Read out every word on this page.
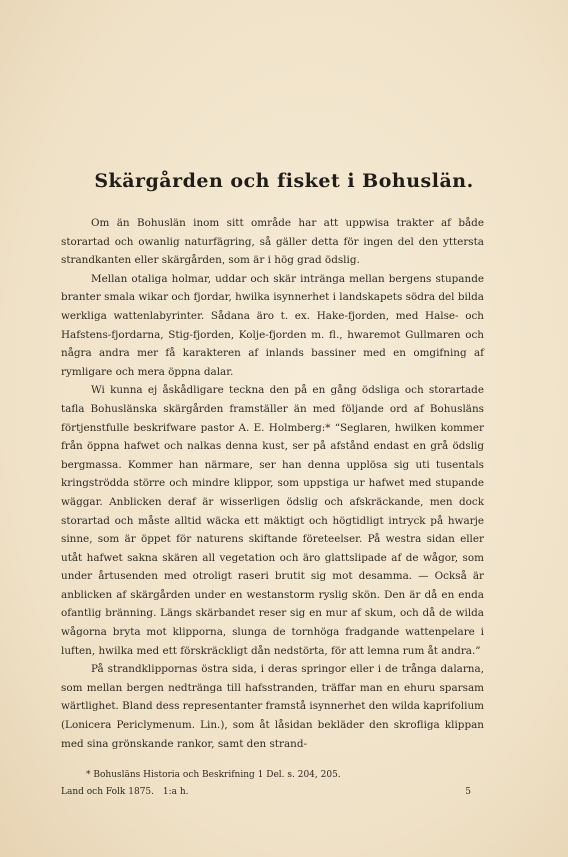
Skärgården och fisket i Bohuslän.

Om än Bohuslän inom sitt område har att uppwisa trakter af både storartad och owanlig naturfägring, så gäller detta för ingen del den yttersta strandkanten eller skärgården, som är i hög grad ödslig.

Mellan otaliga holmar, uddar och skär intränga mellan bergens stupande branter smala wikar och fjordar, hwilka isynnerhet i landskapets södra del bilda werkliga wattenlabyrinter. Sådana äro t. ex. Hake-fjorden, med Halse- och Hafstens-fjordarna, Stig-fjorden, Kolje-fjorden m. fl., hwaremot Gullmaren och några andra mer få karakteren af inlands bassiner med en omgifning af rymligare och mera öppna dalar.

Wi kunna ej åskådligare teckna den på en gång ödsliga och storartade tafla Bohuslänska skärgården framställer än med följande ord af Bohusläns förtjenstfulle beskrifware pastor A. E. Holmberg:* “Seglaren, hwilken kommer från öppna hafwet och nalkas denna kust, ser på afstånd endast en grå ödslig bergmassa. Kommer han närmare, ser han denna upplösa sig uti tusentals kringströdda större och mindre klippor, som uppstiga ur hafwet med stupande wäggar. Anblicken deraf är wisserligen ödslig och afskräckande, men dock storartad och måste alltid wäcka ett mäktigt och högtidligt intryck på hwarje sinne, som är öppet för naturens skiftande företeelser. På westra sidan eller utåt hafwet sakna skären all vegetation och äro glattslipade af de wågor, som under årtusenden med otroligt raseri brutit sig mot desamma. — Också är anblicken af skärgården under en westanstorm ryslig skön. Den är då en enda ofantlig bränning. Längs skärbandet reser sig en mur af skum, och då de wilda wågorna bryta mot klipporna, slunga de tornhöga fradgande wattenpelare i luften, hwilka med ett förskräckligt dån nedstörta, för att lemna rum åt andra.”

På strandklippornas östra sida, i deras springor eller i de trånga dalarna, som mellan bergen nedtränga till hafsstranden, träffar man en ehuru sparsam wärtlighet. Bland dess representanter framstå isynnerhet den wilda kaprifolium (Lonicera Periclymenum. Lin.), som åt låsidan bekläder den skrofliga klippan med sina grönskande rankor, samt den strand-

* Bohusläns Historia och Beskrifning 1 Del. s. 204, 205.
Land och Folk 1875. 1:a h.	5
